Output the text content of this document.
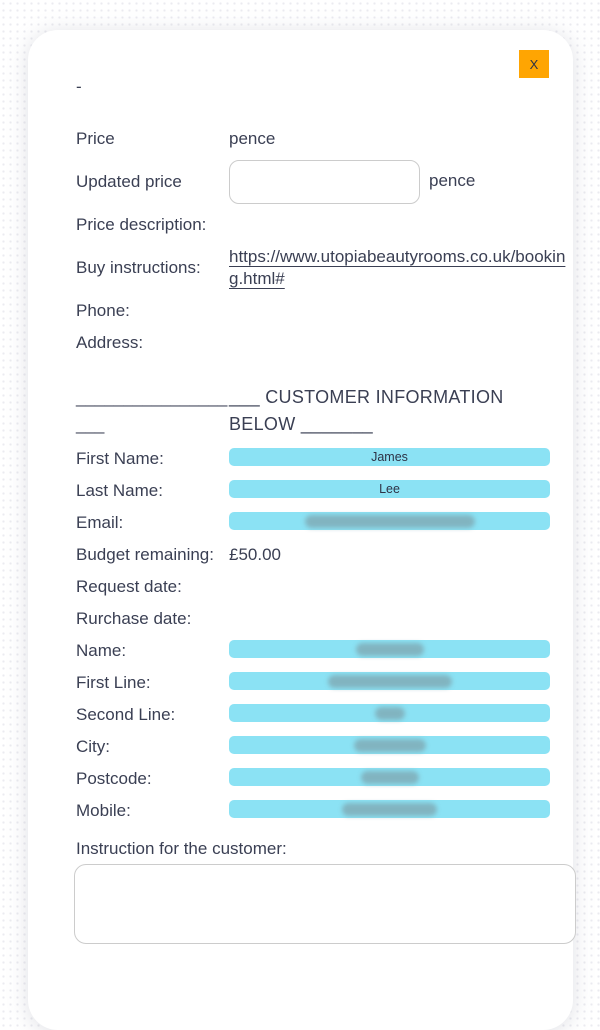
X
-
Price	pence
Updated price	pence
Price description:
Buy instructions:
https://www.utopiabeautyrooms.co.uk/booking.html#
Phone:
Address:
___________________
___ CUSTOMER INFORMATION BELOW _______
First Name:	James
Last Name:	Lee
Email:
Budget remaining: £50.00
Request date:
Rurchase date:
Name:
First Line:
Second Line:
City:
Postcode:
Mobile:
Instruction for the customer:
